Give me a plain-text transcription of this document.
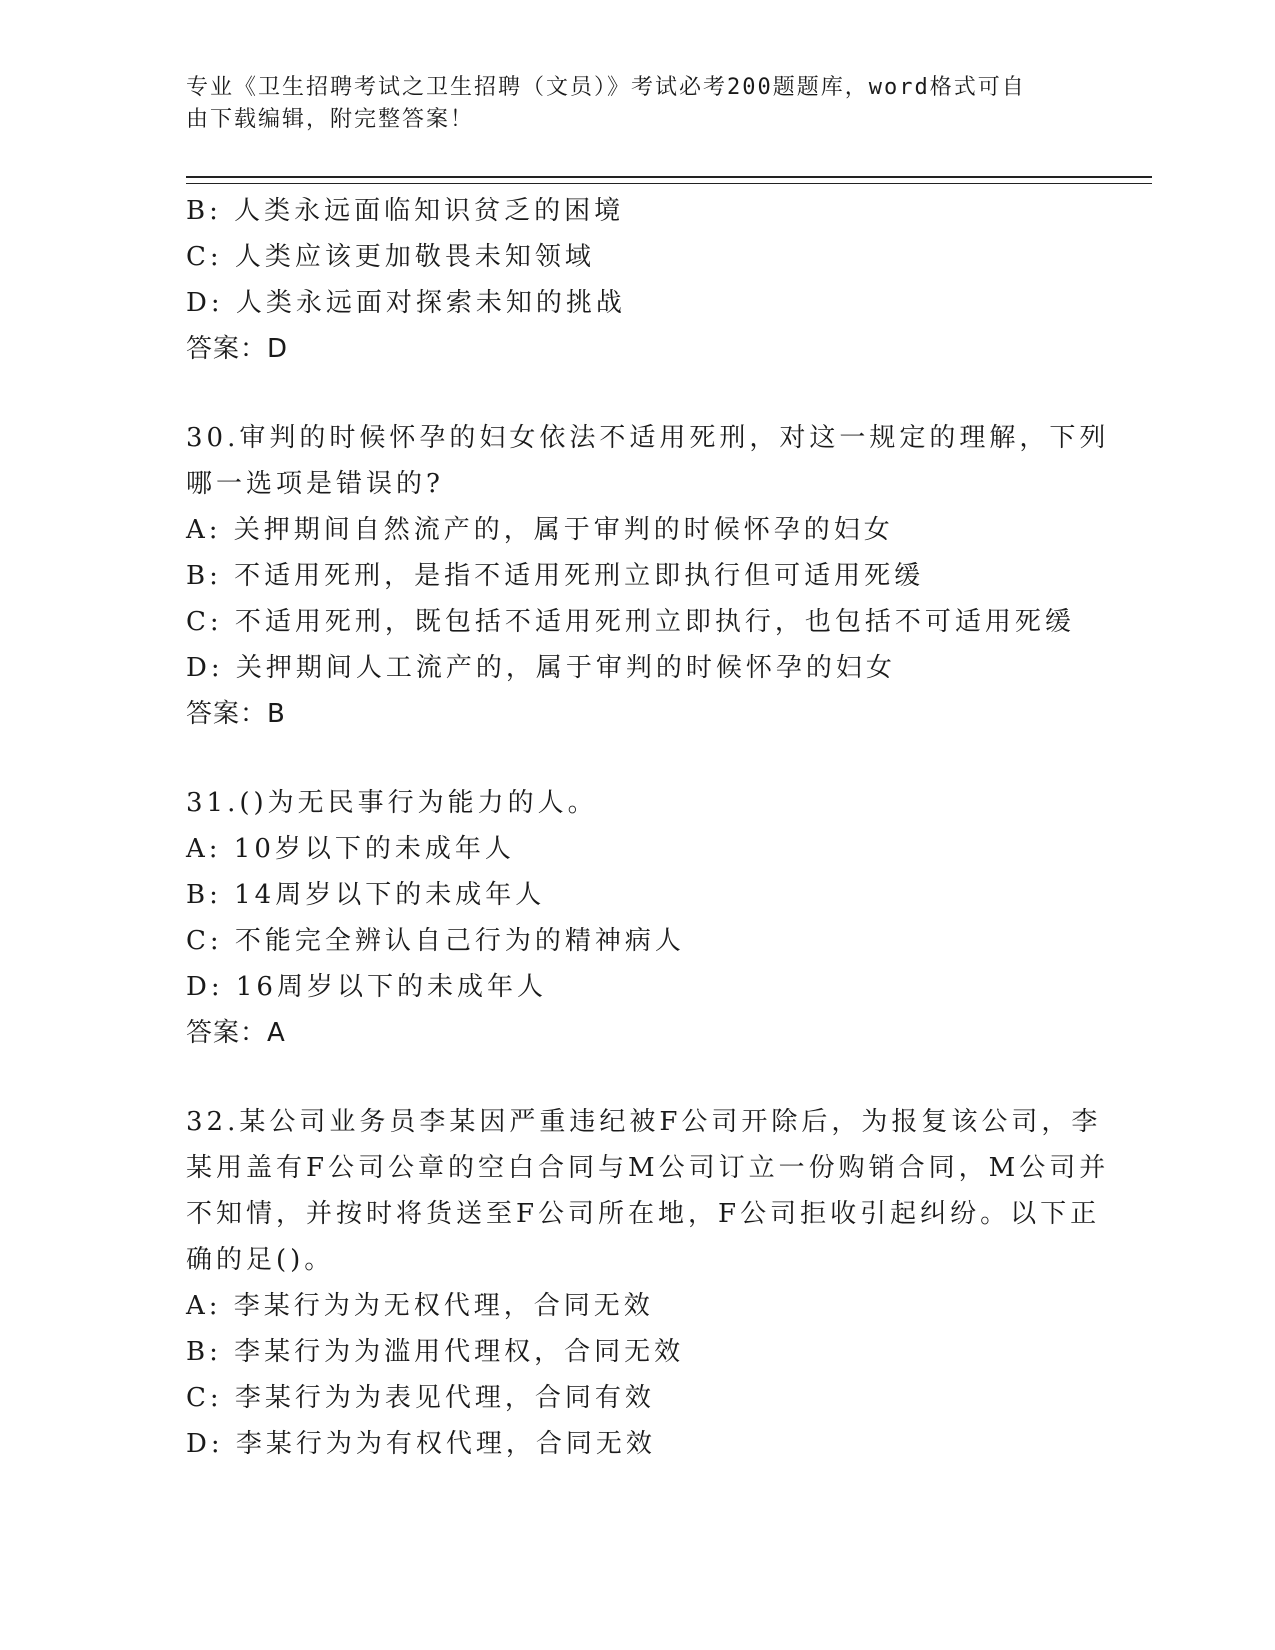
专业《卫生招聘考试之卫生招聘（文员）》考试必考200题题库，word格式可自
由下载编辑，附完整答案！
B: 人类永远面临知识贫乏的困境
C: 人类应该更加敬畏未知领域
D: 人类永远面对探索未知的挑战
答案：D
30.审判的时候怀孕的妇女依法不适用死刑，对这一规定的理解，下列
哪一选项是错误的?
A: 关押期间自然流产的，属于审判的时候怀孕的妇女
B: 不适用死刑，是指不适用死刑立即执行但可适用死缓
C: 不适用死刑，既包括不适用死刑立即执行，也包括不可适用死缓
D: 关押期间人工流产的，属于审判的时候怀孕的妇女
答案：B
31.()为无民事行为能力的人。
A: 10岁以下的未成年人
B: 14周岁以下的未成年人
C: 不能完全辨认自己行为的精神病人
D: 16周岁以下的未成年人
答案：A
32.某公司业务员李某因严重违纪被F公司开除后，为报复该公司，李
某用盖有F公司公章的空白合同与M公司订立一份购销合同，M公司并
不知情，并按时将货送至F公司所在地，F公司拒收引起纠纷。以下正
确的足()。
A: 李某行为为无权代理，合同无效
B: 李某行为为滥用代理权，合同无效
C: 李某行为为表见代理，合同有效
D: 李某行为为有权代理，合同无效
